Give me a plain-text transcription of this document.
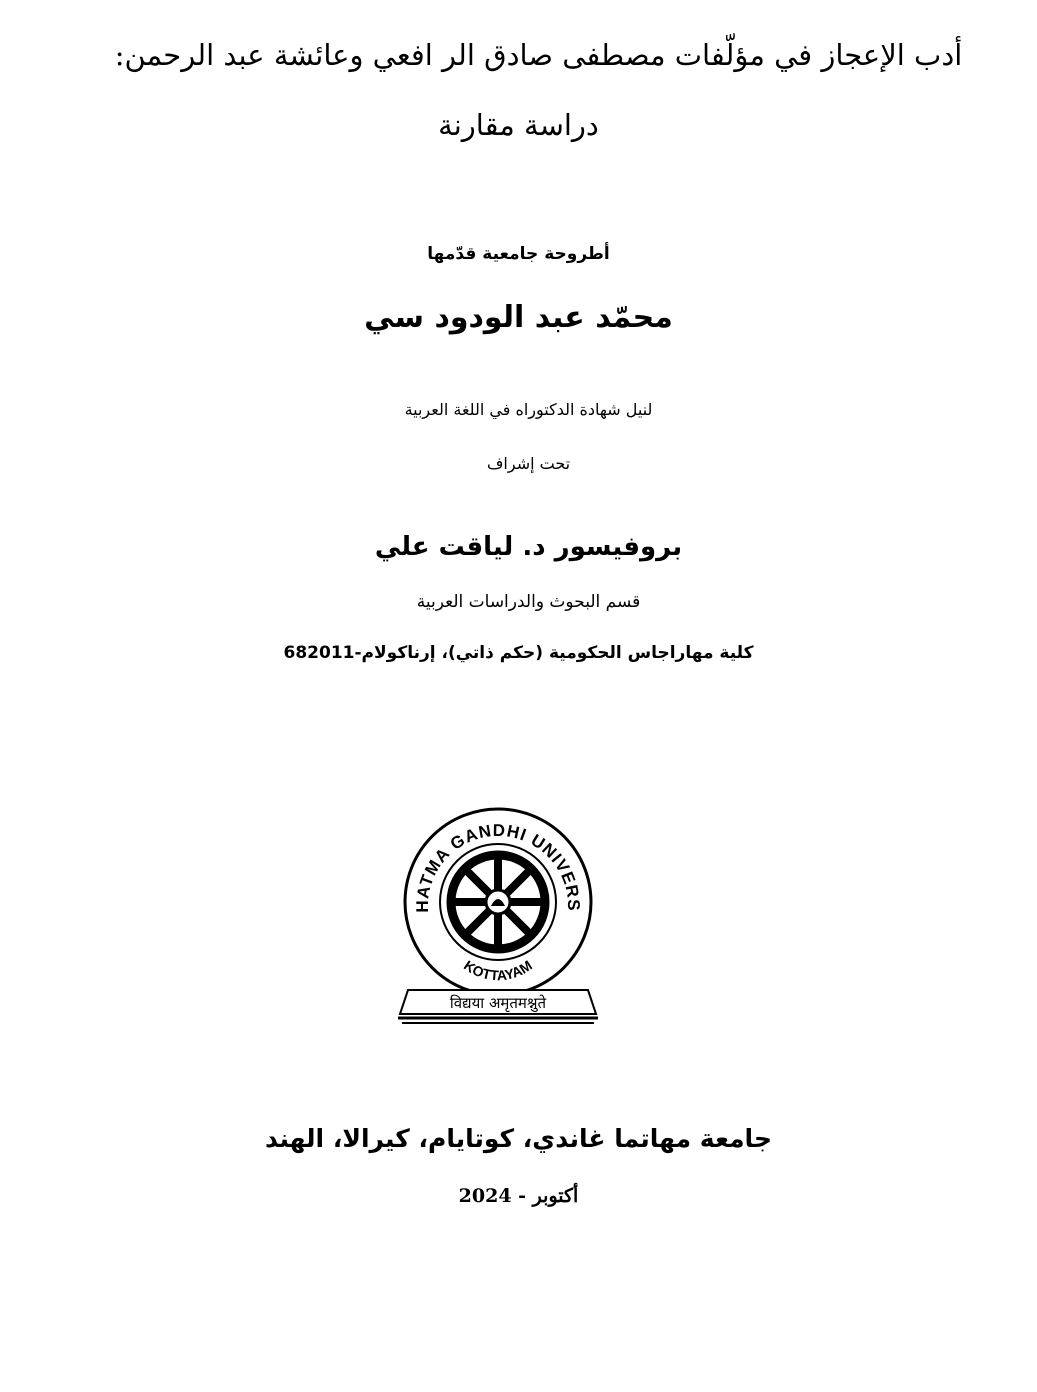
أدب الإعجاز في مؤلّفات مصطفى صادق الر افعي وعائشة عبد الرحمن:
دراسة مقارنة
أطروحة جامعية قدّمها
محمّد عبد الودود سي
لنيل شهادة الدكتوراه في اللغة العربية
تحت إشراف
بروفيسور د. لياقت علي
قسم البحوث والدراسات العربية
كلية مهاراجاس الحكومية (حكم ذاتي)، إرناكولام-682011
HATMA GANDHI UNIVERS
KOTTAYAM
विद्यया अमृतमश्नुते
جامعة مهاتما غاندي، كوتايام، كيرالا، الهند
أكتوبر - 2024
